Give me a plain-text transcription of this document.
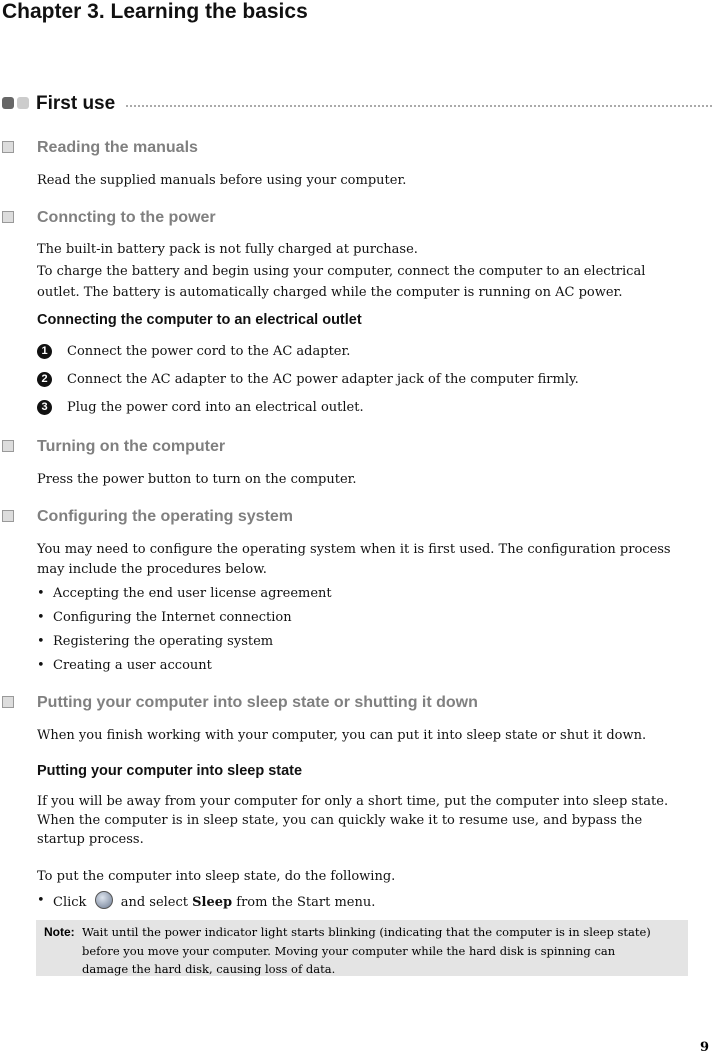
Chapter 3. Learning the basics
First use
Reading the manuals
Read the supplied manuals before using your computer.
Conncting to the power
The built-in battery pack is not fully charged at purchase.
To charge the battery and begin using your computer, connect the computer to an electrical
outlet. The battery is automatically charged while the computer is running on AC power.
Connecting the computer to an electrical outlet
1	Connect the power cord to the AC adapter.
2	Connect the AC adapter to the AC power adapter jack of the computer firmly.
3	Plug the power cord into an electrical outlet.
Turning on the computer
Press the power button to turn on the computer.
Configuring the operating system
You may need to configure the operating system when it is first used. The configuration process
may include the procedures below.
• Accepting the end user license agreement
• Configuring the Internet connection
• Registering the operating system
• Creating a user account
Putting your computer into sleep state or shutting it down
When you finish working with your computer, you can put it into sleep state or shut it down.
Putting your computer into sleep state
If you will be away from your computer for only a short time, put the computer into sleep state.
When the computer is in sleep state, you can quickly wake it to resume use, and bypass the
startup process.
To put the computer into sleep state, do the following.
• Click	and select Sleep from the Start menu.
Note: Wait until the power indicator light starts blinking (indicating that the computer is in sleep state)
before you move your computer. Moving your computer while the hard disk is spinning can
damage the hard disk, causing loss of data.
9
